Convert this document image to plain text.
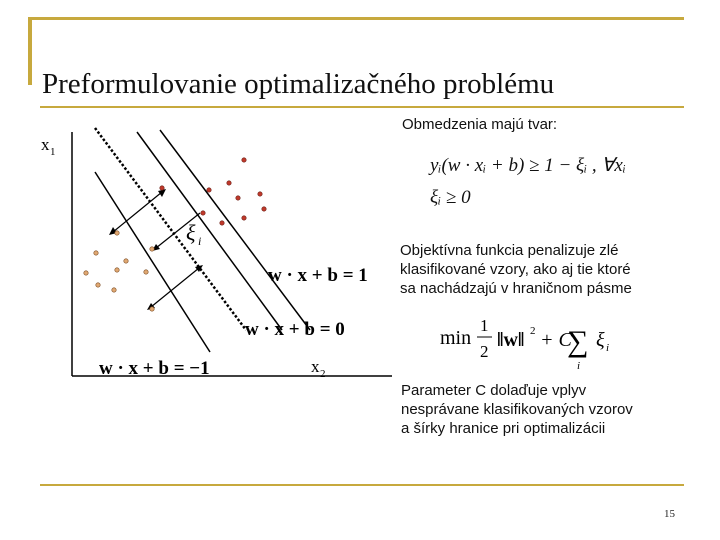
Preformulovanie optimalizačného problému
x 1
x 2
ξ i
w · x + b = 1
w · x + b = 0
w · x + b = −1
min
1
2
‖w‖ 2 + C
∑
i
ξ i
Obmedzenia majú tvar:
yᵢ(w · xᵢ + b) ≥ 1 − ξᵢ , ∀xᵢ
ξᵢ ≥ 0
Objektívna funkcia penalizuje zlé
klasifikované vzory, ako aj tie ktoré
sa nachádzajú v hraničnom pásme
Parameter C dolaďuje vplyv
nesprávane klasifikovaných vzorov
a šírky hranice pri optimalizácii
15
